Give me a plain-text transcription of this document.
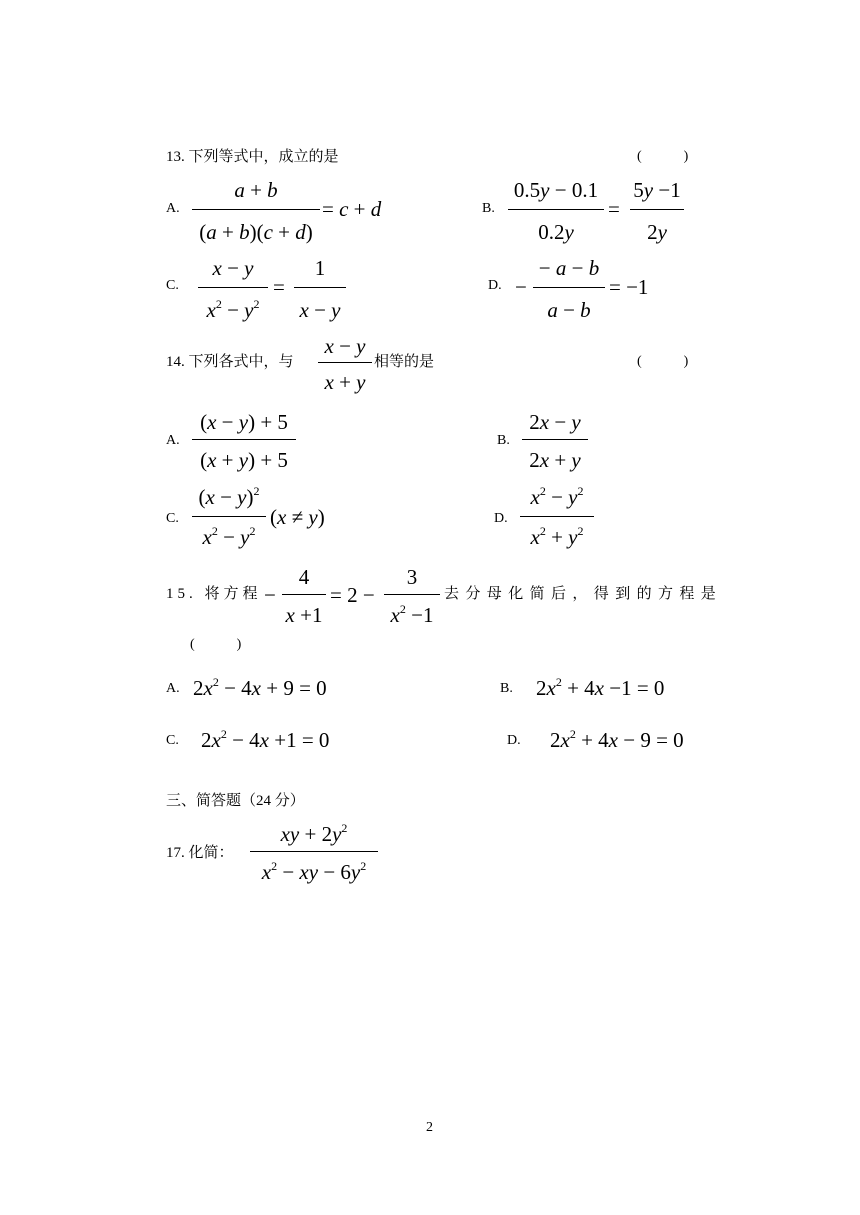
13. 下列等式中，成立的是	(　　　)
A.
a + b
(a + b)(c + d)
= c + d	B.
0.5y − 0.1
0.2y
=
5y −1
2y
C.
x − y
$x^2 - y^2$
=
1
x − y
D. −
− a − b
a − b
= −1
14. 下列各式中，与
x − y
x + y
相等的是	(　　　)
A.
(x − y) + 5
(x + y) + 5
B.
2x − y
2x + y
C.
$(x - y)^2$
$x^2 - y^2$
(x ≠ y)	D.
$x^2 - y^2$
$x^2 + y^2$
15. 将方程 −
4
x +1
= 2 −
3
$x^2 -1$
去分母化简后，得到的方程是
(　　　)
A. $2x^2 - 4x + 9 = 0$	B. $2x^2 + 4x -1 = 0$
C. $2x^2 - 4x +1 = 0$	D. $2x^2 + 4x - 9 = 0$
三、简答题（24 分）
17. 化简：
xy + $2y^2$
$x^2$ − xy − $6y^2$
2
